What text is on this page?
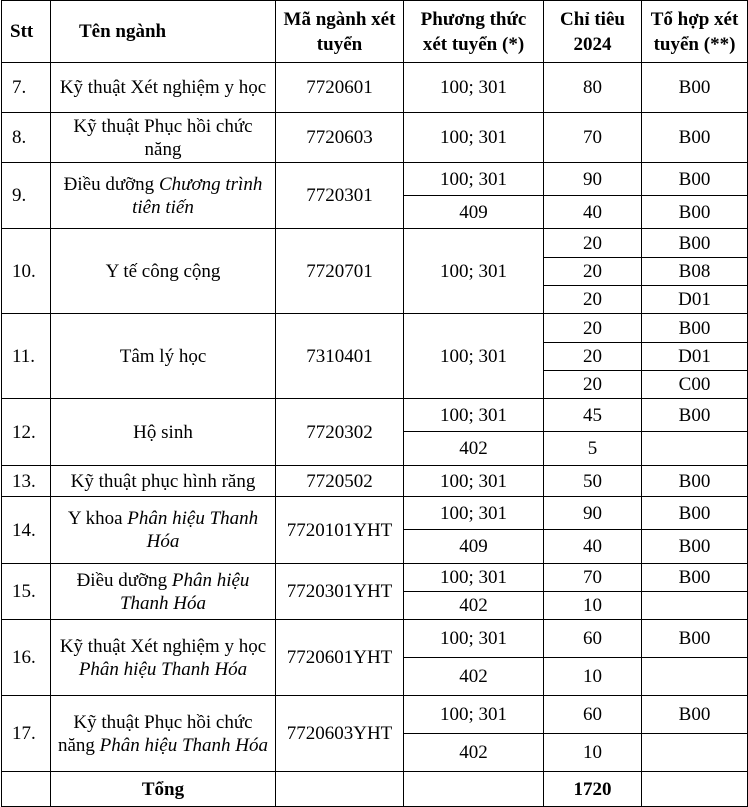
Stt	Tên ngành	Mã ngành xét tuyển	Phương thức xét tuyển (*)	Chỉ tiêu 2024	Tổ hợp xét tuyển (**)
7.	Kỹ thuật Xét nghiệm y học	7720601	100; 301	80	B00
8.	Kỹ thuật Phục hồi chức năng	7720603	100; 301	70	B00
9.	Điều dưỡng Chương trình tiên tiến	7720301	100; 301	90	B00
			409	40	B00
10.	Y tế công cộng	7720701	100; 301	20	B00
				20	B08
				20	D01
11.	Tâm lý học	7310401	100; 301	20	B00
				20	D01
				20	C00
12.	Hộ sinh	7720302	100; 301	45	B00
			402	5	
13.	Kỹ thuật phục hình răng	7720502	100; 301	50	B00
14.	Y khoa Phân hiệu Thanh Hóa	7720101YHT	100; 301	90	B00
			409	40	B00
15.	Điều dưỡng Phân hiệu Thanh Hóa	7720301YHT	100; 301	70	B00
			402	10	
16.	Kỹ thuật Xét nghiệm y học Phân hiệu Thanh Hóa	7720601YHT	100; 301	60	B00
			402	10	
17.	Kỹ thuật Phục hồi chức năng Phân hiệu Thanh Hóa	7720603YHT	100; 301	60	B00
			402	10	
	Tổng			1720	
